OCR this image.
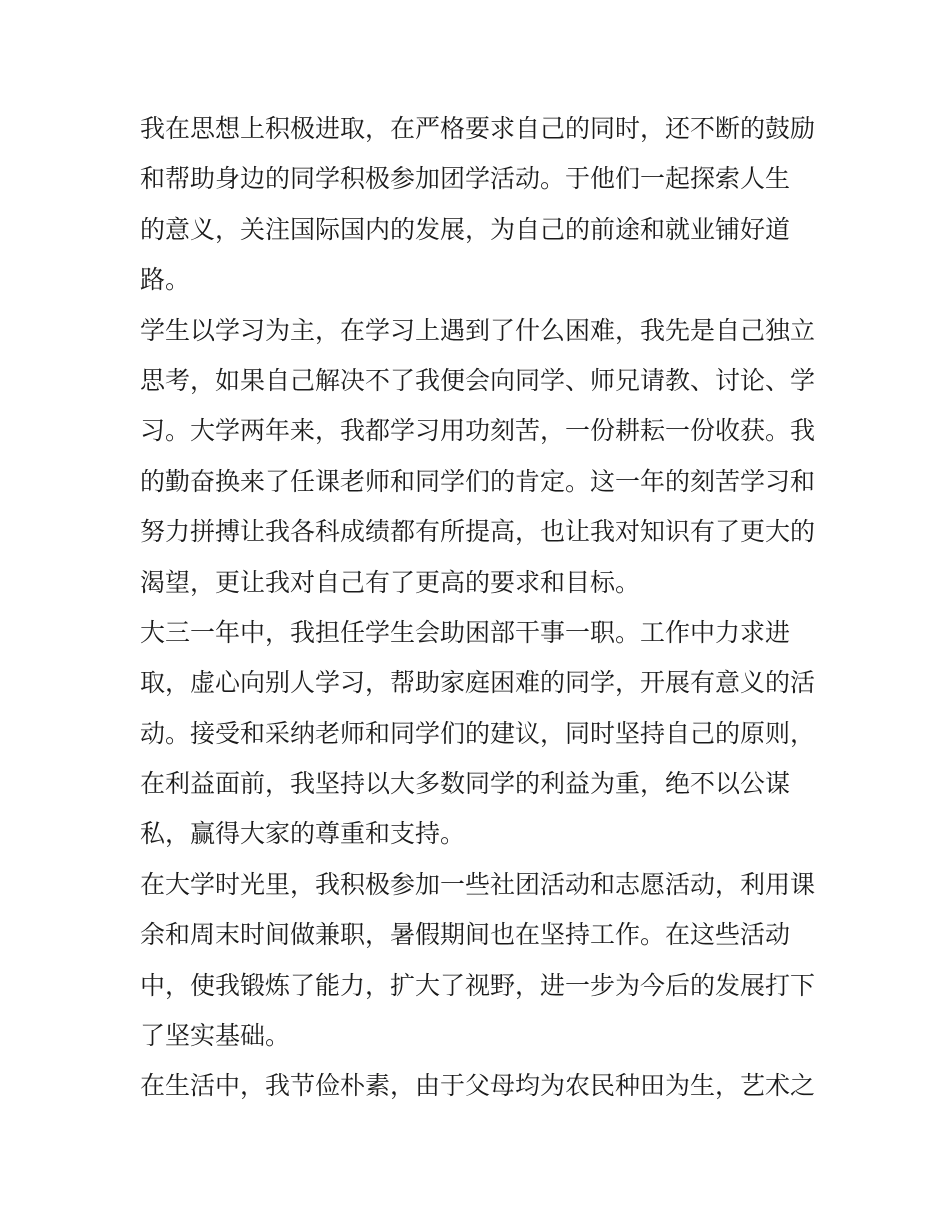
我在思想上积极进取，在严格要求自己的同时，还不断的鼓励
和帮助身边的同学积极参加团学活动。于他们一起探索人生
的意义，关注国际国内的发展，为自己的前途和就业铺好道
路。
学生以学习为主，在学习上遇到了什么困难，我先是自己独立
思考，如果自己解决不了我便会向同学、师兄请教、讨论、学
习。大学两年来，我都学习用功刻苦，一份耕耘一份收获。我
的勤奋换来了任课老师和同学们的肯定。这一年的刻苦学习和
努力拼搏让我各科成绩都有所提高，也让我对知识有了更大的
渴望，更让我对自己有了更高的要求和目标。
大三一年中，我担任学生会助困部干事一职。工作中力求进
取，虚心向别人学习，帮助家庭困难的同学，开展有意义的活
动。接受和采纳老师和同学们的建议，同时坚持自己的原则，
在利益面前，我坚持以大多数同学的利益为重，绝不以公谋
私，赢得大家的尊重和支持。
在大学时光里，我积极参加一些社团活动和志愿活动，利用课
余和周末时间做兼职，暑假期间也在坚持工作。在这些活动
中，使我锻炼了能力，扩大了视野，进一步为今后的发展打下
了坚实基础。
在生活中，我节俭朴素，由于父母均为农民种田为生，艺术之
